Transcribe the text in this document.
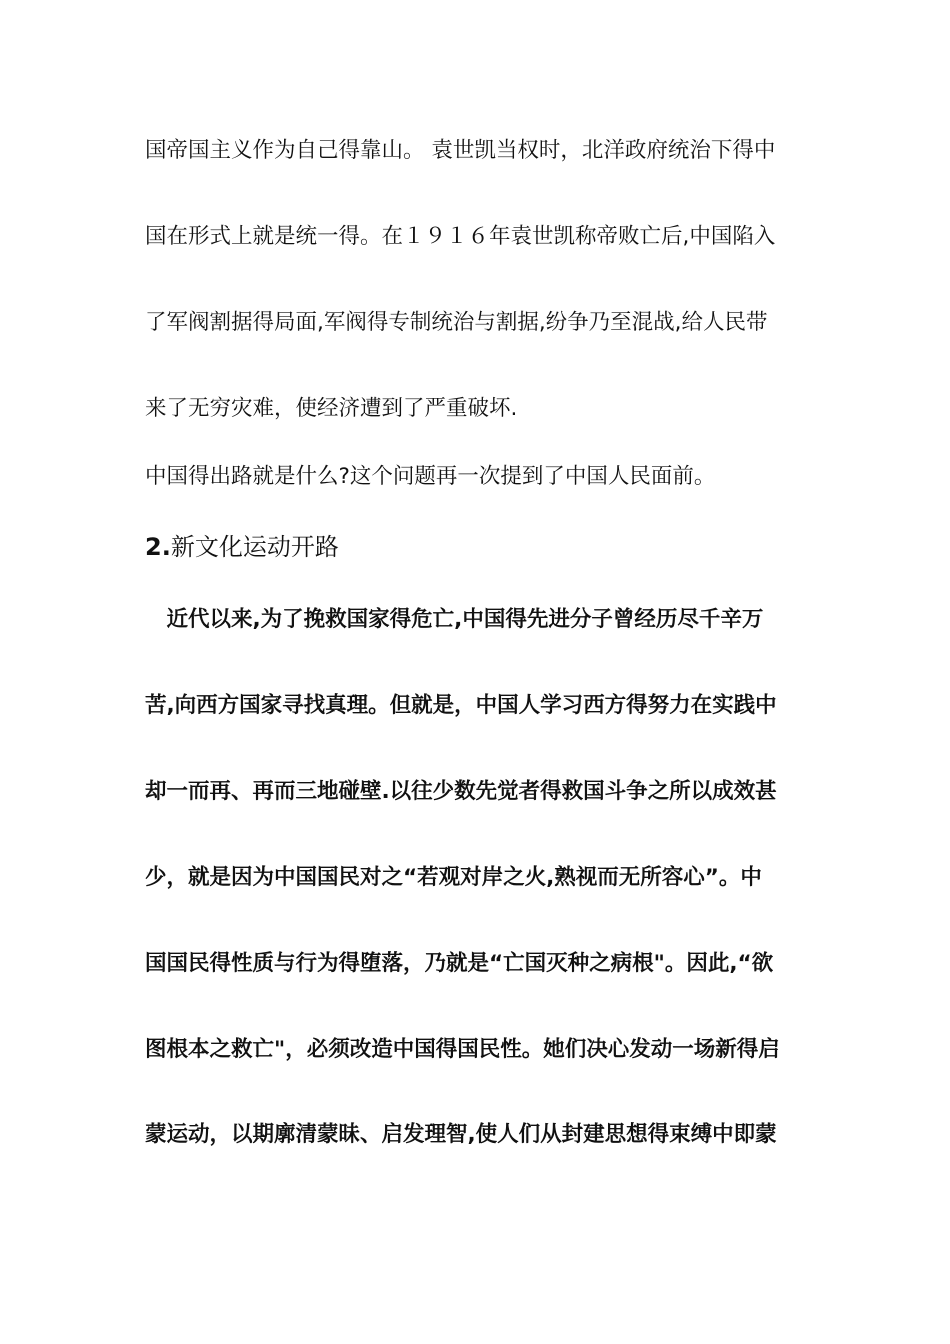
国帝国主义作为自己得靠山。 袁世凯当权时，北洋政府统治下得中
国在形式上就是统一得。在１９１６年袁世凯称帝败亡后,中国陷入
了军阀割据得局面,军阀得专制统治与割据,纷争乃至混战,给人民带
来了无穷灾难，使经济遭到了严重破坏.
中国得出路就是什么?这个问题再一次提到了中国人民面前。
2.新文化运动开路
　近代以来,为了挽救国家得危亡,中国得先进分子曾经历尽千辛万
苦,向西方国家寻找真理。但就是，中国人学习西方得努力在实践中
却一而再、再而三地碰壁.以往少数先觉者得救国斗争之所以成效甚
少，就是因为中国国民对之“若观对岸之火,熟视而无所容心”。中
国国民得性质与行为得堕落，乃就是“亡国灭种之病根"。因此,“欲
图根本之救亡"，必须改造中国得国民性。她们决心发动一场新得启
蒙运动，以期廓清蒙昧、启发理智,使人们从封建思想得束缚中即蒙
